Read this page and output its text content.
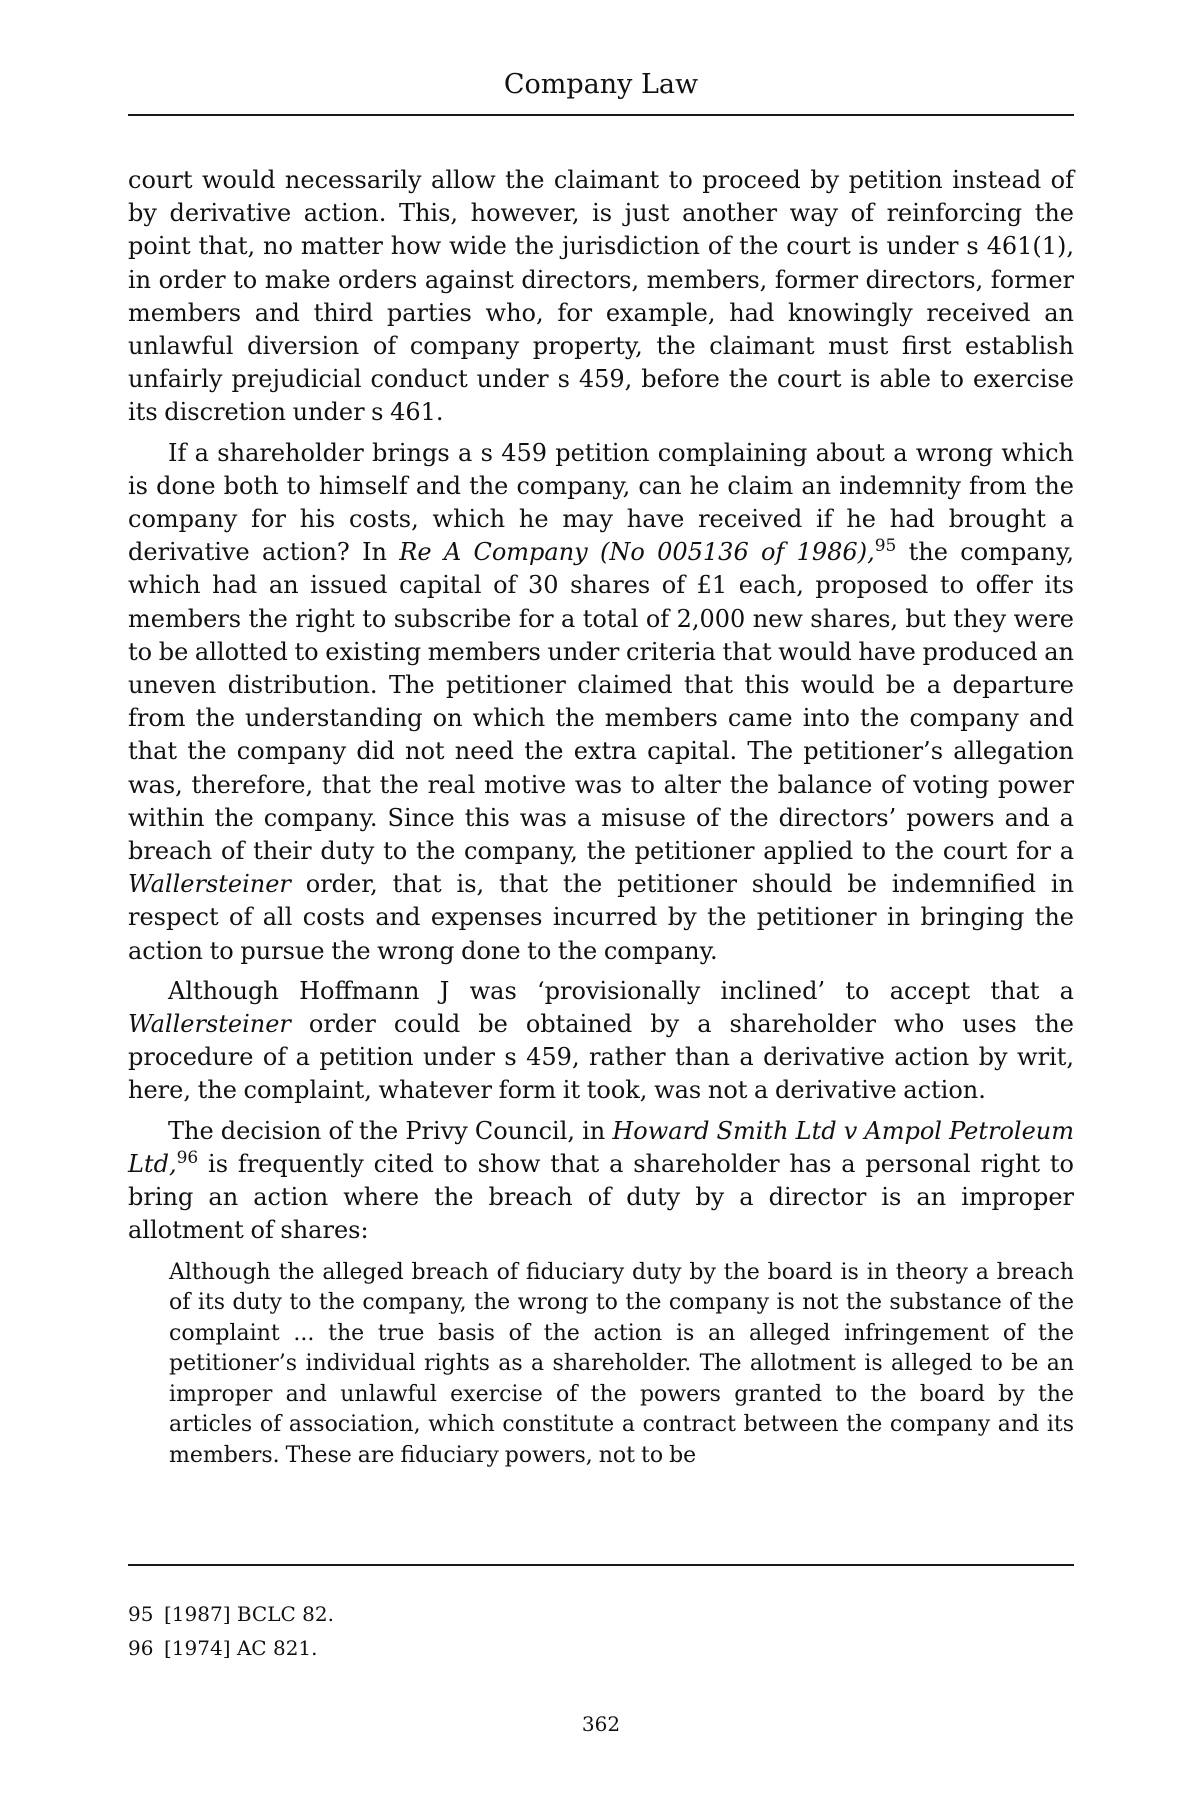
Company Law

court would necessarily allow the claimant to proceed by petition instead of by derivative action. This, however, is just another way of reinforcing the point that, no matter how wide the jurisdiction of the court is under s 461(1), in order to make orders against directors, members, former directors, former members and third parties who, for example, had knowingly received an unlawful diversion of company property, the claimant must first establish unfairly prejudicial conduct under s 459, before the court is able to exercise its discretion under s 461.

If a shareholder brings a s 459 petition complaining about a wrong which is done both to himself and the company, can he claim an indemnity from the company for his costs, which he may have received if he had brought a derivative action? In Re A Company (No 005136 of 1986),$^{95}$ the company, which had an issued capital of 30 shares of £1 each, proposed to offer its members the right to subscribe for a total of 2,000 new shares, but they were to be allotted to existing members under criteria that would have produced an uneven distribution. The petitioner claimed that this would be a departure from the understanding on which the members came into the company and that the company did not need the extra capital. The petitioner’s allegation was, therefore, that the real motive was to alter the balance of voting power within the company. Since this was a misuse of the directors’ powers and a breach of their duty to the company, the petitioner applied to the court for a Wallersteiner order, that is, that the petitioner should be indemnified in respect of all costs and expenses incurred by the petitioner in bringing the action to pursue the wrong done to the company.

Although Hoffmann J was ‘provisionally inclined’ to accept that a Wallersteiner order could be obtained by a shareholder who uses the procedure of a petition under s 459, rather than a derivative action by writ, here, the complaint, whatever form it took, was not a derivative action.

The decision of the Privy Council, in Howard Smith Ltd v Ampol Petroleum Ltd,$^{96}$ is frequently cited to show that a shareholder has a personal right to bring an action where the breach of duty by a director is an improper allotment of shares:

Although the alleged breach of fiduciary duty by the board is in theory a breach of its duty to the company, the wrong to the company is not the substance of the complaint ... the true basis of the action is an alleged infringement of the petitioner’s individual rights as a shareholder. The allotment is alleged to be an improper and unlawful exercise of the powers granted to the board by the articles of association, which constitute a contract between the company and its members. These are fiduciary powers, not to be

95 [1987] BCLC 82.
96 [1974] AC 821.
362
